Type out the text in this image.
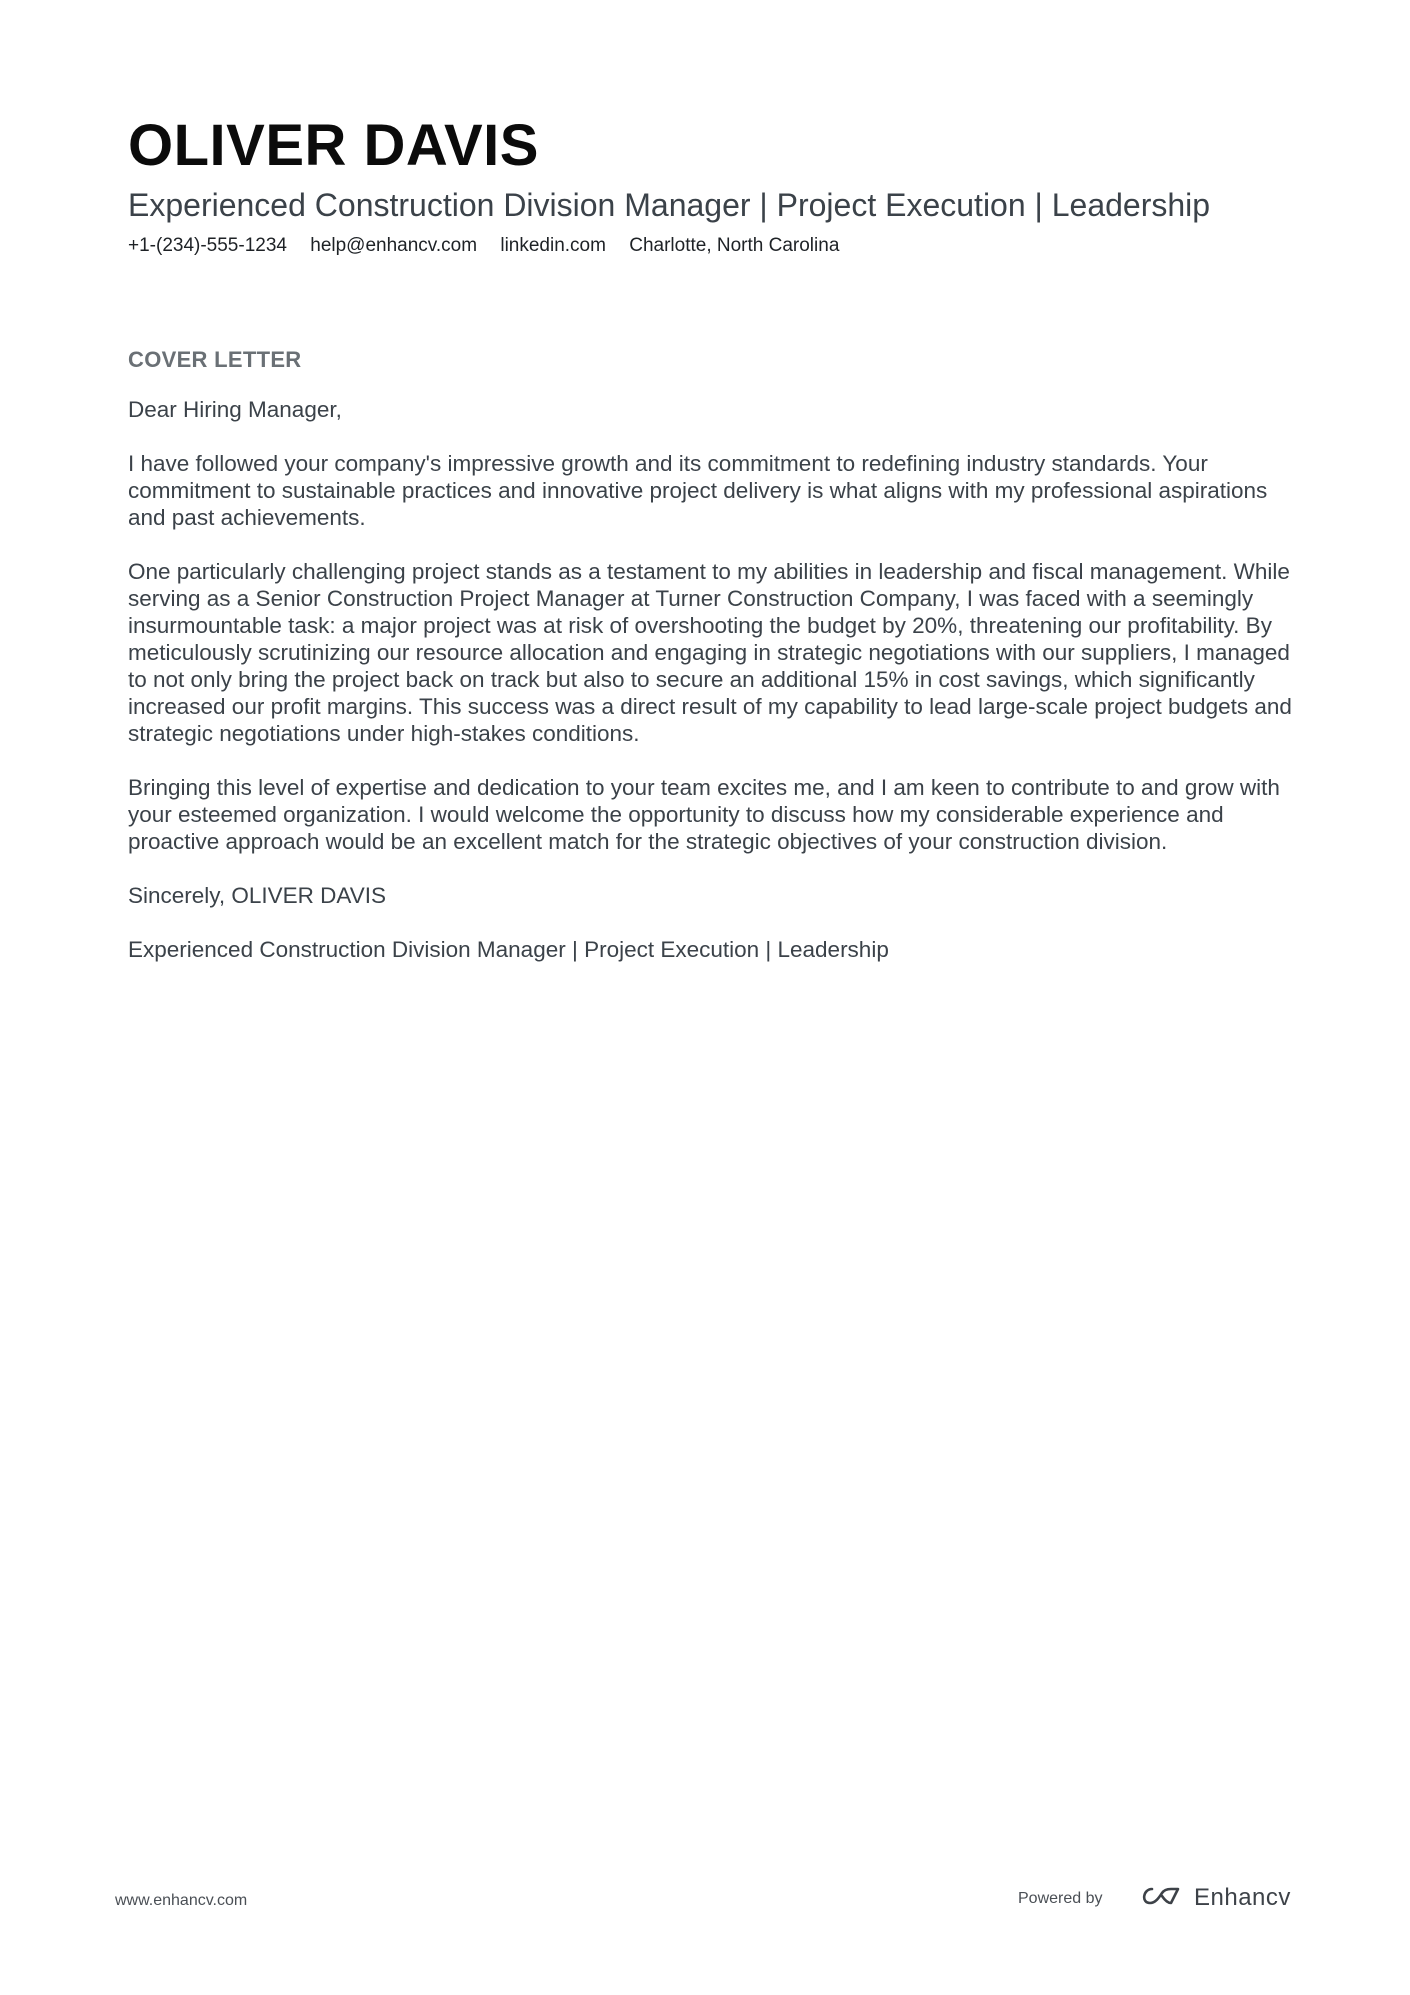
OLIVER DAVIS
Experienced Construction Division Manager | Project Execution | Leadership
+1-(234)-555-1234 help@enhancv.com linkedin.com Charlotte, North Carolina
COVER LETTER

Dear Hiring Manager,

I have followed your company's impressive growth and its commitment to redefining industry standards. Your commitment to sustainable practices and innovative project delivery is what aligns with my professional aspirations and past achievements.

One particularly challenging project stands as a testament to my abilities in leadership and fiscal management. While serving as a Senior Construction Project Manager at Turner Construction Company, I was faced with a seemingly insurmountable task: a major project was at risk of overshooting the budget by 20%, threatening our profitability. By meticulously scrutinizing our resource allocation and engaging in strategic negotiations with our suppliers, I managed to not only bring the project back on track but also to secure an additional 15% in cost savings, which significantly increased our profit margins. This success was a direct result of my capability to lead large-scale project budgets and strategic negotiations under high-stakes conditions.

Bringing this level of expertise and dedication to your team excites me, and I am keen to contribute to and grow with your esteemed organization. I would welcome the opportunity to discuss how my considerable experience and proactive approach would be an excellent match for the strategic objectives of your construction division.

Sincerely, OLIVER DAVIS

Experienced Construction Division Manager | Project Execution | Leadership

www.enhancv.com	Powered by	Enhancv
